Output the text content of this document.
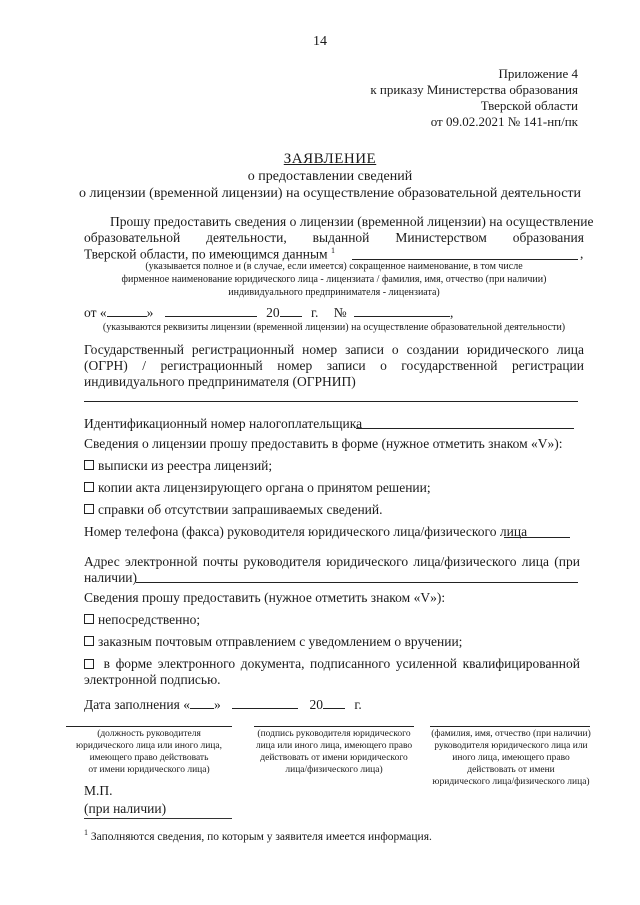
14
Приложение 4
к приказу Министерства образования
Тверской области
от 09.02.2021 № 141-нп/пк
ЗАЯВЛЕНИЕ
о предоставлении сведений
о лицензии (временной лицензии) на осуществление образовательной деятельности
Прошу предоставить сведения о лицензии (временной лицензии) на осуществление
образовательной деятельности, выданной Министерством образования
Тверской области, по имеющимся данным $^1$	,
(указывается полное и (в случае, если имеется) сокращенное наименование, в том числе
фирменное наименование юридического лица - лицензиата / фамилия, имя, отчество (при наличии)
индивидуального предпринимателя - лицензиата)
от «	»	20 г. №	,
(указываются реквизиты лицензии (временной лицензии) на осуществление образовательной деятельности)
Государственный регистрационный номер записи о создании юридического лица (ОГРН) / регистрационный номер записи о государственной регистрации индивидуального предпринимателя (ОГРНИП)
Идентификационный номер налогоплательщика
Сведения о лицензии прошу предоставить в форме (нужное отметить знаком «V»):
выписки из реестра лицензий;
копии акта лицензирующего органа о принятом решении;
справки об отсутствии запрашиваемых сведений.
Номер телефона (факса) руководителя юридического лица/физического лица
Адрес электронной почты руководителя юридического лица/физического лица (при
наличии)
Сведения прошу предоставить (нужное отметить знаком «V»):
непосредственно;
заказным почтовым отправлением с уведомлением о вручении;
в форме электронного документа, подписанного усиленной квалифицированной
электронной подписью.
Дата заполнения « »	20 г.
(должность руководителя
юридического лица или иного лица,
имеющего право действовать
от имени юридического лица)
(подпись руководителя юридического
лица или иного лица, имеющего право
действовать от имени юридического
лица/физического лица)
(фамилия, имя, отчество (при наличии)
руководителя юридического лица или
иного лица, имеющего право
действовать от имени
юридического лица/физического лица)
М.П.
(при наличии)
$^1$ Заполняются сведения, по которым у заявителя имеется информация.
